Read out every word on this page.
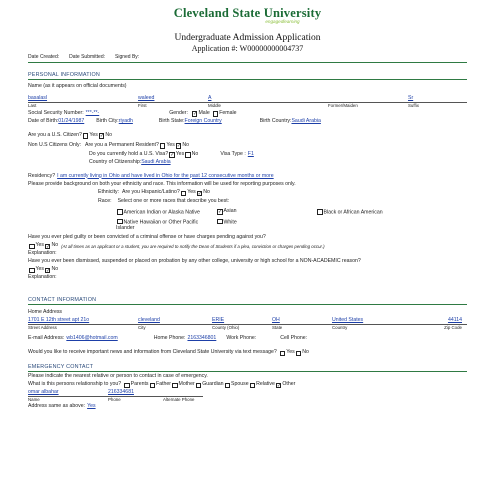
Cleveland State University
engagedlearning
Undergraduate Admission Application
Application #: W00000000004737
Date Created: Date Submitted: Signed By:
PERSONAL INFORMATION
Name (as it appears on official documents)
basalasl	waleed	A	Sr
Last	First	Middle	Former/Maiden	Suffix
Social Security Number: ***-**-	Gender: ✓ Male Female
Date of Birth: 01/24/1987 Birth City: riyadh	Birth State: Foreign Country	Birth Country: Saudi Arabia
Are you a U.S. Citizen? Yes ✓ No
Non U.S Citizens Only: Are you a Permanent Resident? Yes ✓ No
Do you currently hold a U.S. Visa? ✓ Yes No	Visa Type : F1
Country of Citizenship: Saudi Arabia
Residency? I am currently living in Ohio and have lived in Ohio for the past 12 consecutive months or more
Please provide background on both your ethnicity and race. This information will be used for reporting purposes only.
Ethnicity: Are you Hispanic/Latino? Yes ✓ No
Race: Select one or more races that describe you best:
American Indian or Alaska Native	✓Asian	Black or African American
Native Hawaiian or Other Pacific Islander
White
Have you ever pled guilty or been convicted of a criminal offense or have charges pending against you?
Yes ✓ No (At all times as an applicant or a student, you are required to notify the Dean of Students if a plea, conviction or charges pending occur.)
Explanation:
Have you ever been dismissed, suspended or placed on probation by any other college, university or high school for a NON-ACADEMIC reason?
Yes ✓ No
Explanation:
CONTACT INFORMATION
Home Address
1701 E 12th street apt 21o	cleveland	ERIE	OH	United States	44114
Street Address	City	County (Ohio)	State	Country	Zip Code
E-mail Address: wb1406@hotmail.com	Home Phone: 2163346801 Work Phone:	Cell Phone:
Would you like to receive important news and information from Cleveland State University via text message? Yes No
EMERGENCY CONTACT
Please indicate the nearest relative or person to contact in case of emergency.
What is this persons relationship to you? Parents Father Mother Guardian Spouse Relative ✓ Other
omar albahar	216334681
Name	Phone	Alternate Phone
Address same as above: Yes
